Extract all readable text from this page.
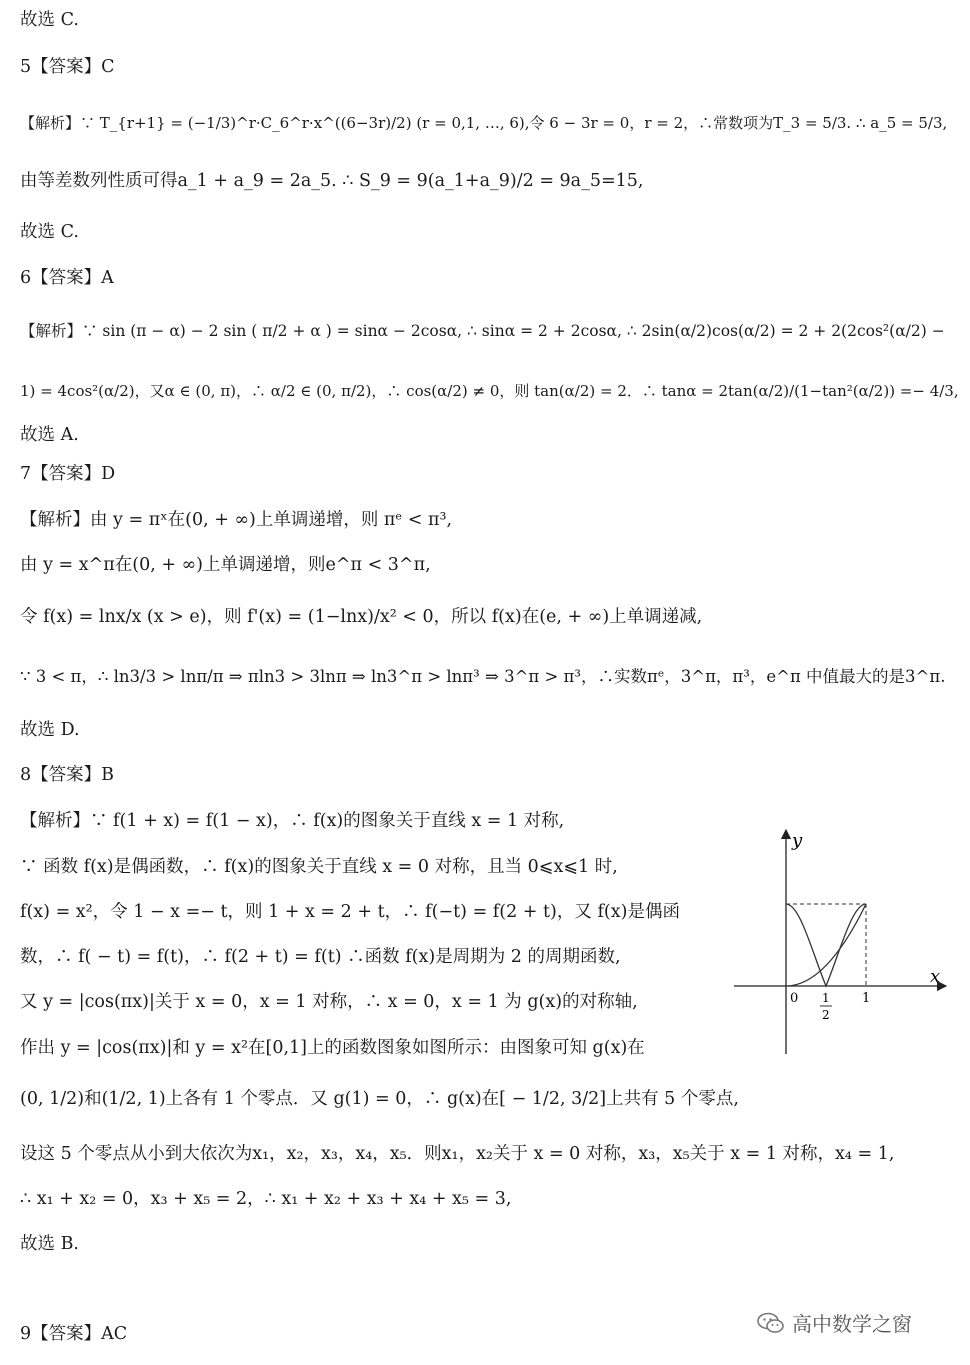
故选 C.
5【答案】C
【解析】∵ T_{r+1} = (−1/3)^r·C_6^r·x^((6−3r)/2) (r = 0,1, …, 6),令 6 − 3r = 0，r = 2，∴常数项为T_3 = 5/3. ∴ a_5 = 5/3,
由等差数列性质可得a_1 + a_9 = 2a_5. ∴ S_9 = 9(a_1+a_9)/2 = 9a_5=15,
故选 C.
6【答案】A
【解析】∵ sin (π − α) − 2 sin ( π/2 + α ) = sinα − 2cosα, ∴ sinα = 2 + 2cosα, ∴ 2sin(α/2)cos(α/2) = 2 + 2(2cos²(α/2) −
1) = 4cos²(α/2)，又α ∈ (0, π)，∴ α/2 ∈ (0, π/2)，∴ cos(α/2) ≠ 0，则 tan(α/2) = 2．∴ tanα = 2tan(α/2)/(1−tan²(α/2)) =− 4/3,
故选 A.
7【答案】D
【解析】由 y = πˣ在(0, + ∞)上单调递增，则 πᵉ < π³,
由 y = x^π在(0, + ∞)上单调递增，则e^π < 3^π,
令 f(x) = lnx/x (x > e)，则 f'(x) = (1−lnx)/x² < 0，所以 f(x)在(e, + ∞)上单调递减,
∵ 3 < π，∴ ln3/3 > lnπ/π ⇒ πln3 > 3lnπ ⇒ ln3^π > lnπ³ ⇒ 3^π > π³，∴实数πᵉ，3^π，π³，e^π 中值最大的是3^π.
故选 D.
8【答案】B
【解析】∵ f(1 + x) = f(1 − x)，∴ f(x)的图象关于直线 x = 1 对称,
∵ 函数 f(x)是偶函数，∴ f(x)的图象关于直线 x = 0 对称，且当 0⩽x⩽1 时,
f(x) = x²，令 1 − x =− t，则 1 + x = 2 + t，∴ f(−t) = f(2 + t)，又 f(x)是偶函
数，∴ f( − t) = f(t)，∴ f(2 + t) = f(t) ∴函数 f(x)是周期为 2 的周期函数,
又 y = |cos(πx)|关于 x = 0，x = 1 对称，∴ x = 0，x = 1 为 g(x)的对称轴,
作出 y = |cos(πx)|和 y = x²在[0,1]上的函数图象如图所示：由图象可知 g(x)在
(0, 1/2)和(1/2, 1)上各有 1 个零点．又 g(1) = 0，∴ g(x)在[ − 1/2, 3/2]上共有 5 个零点,
设这 5 个零点从小到大依次为x₁，x₂，x₃，x₄，x₅．则x₁，x₂关于 x = 0 对称，x₃，x₅关于 x = 1 对称，x₄ = 1,
∴ x₁ + x₂ = 0，x₃ + x₅ = 2，∴ x₁ + x₂ + x₃ + x₄ + x₅ = 3,
故选 B.
9【答案】AC
y
x
0 1
2
1
高中数学之窗
